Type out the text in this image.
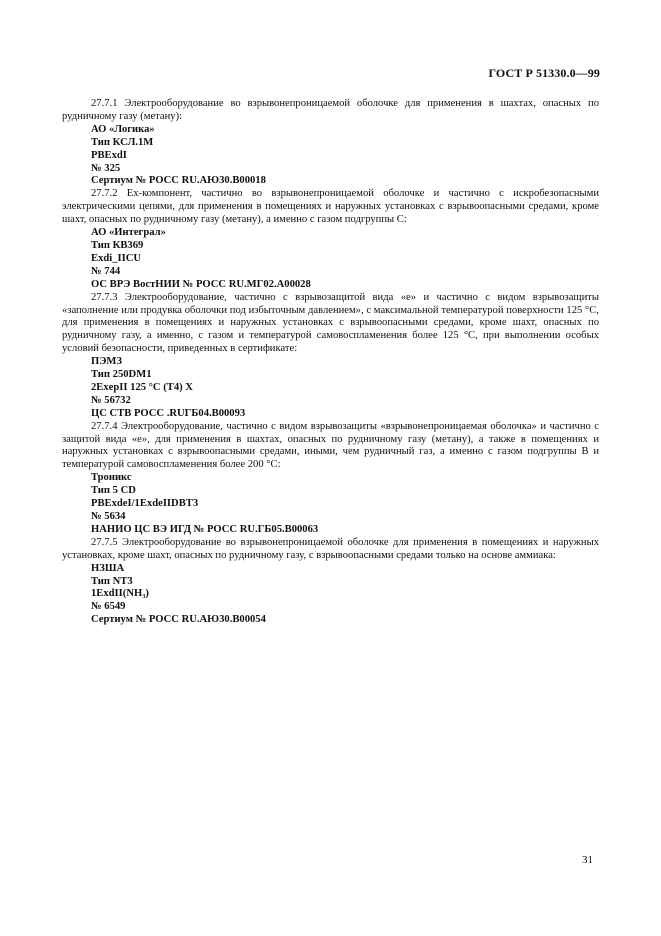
ГОСТ Р 51330.0—99

27.7.1 Электрооборудование во взрывонепроницаемой оболочке для применения в шахтах, опасных по рудничному газу (метану):

АО «Логика»
Тип КСЛ.1М
PBExdI
№ 325
Сертиум № РОСС RU.AЮ30.B00018

27.7.2 Ex-компонент, частично во взрывонепроницаемой оболочке и частично с искробезопасными электрическими цепями, для применения в помещениях и наружных установках с взрывоопасными средами, кроме шахт, опасных по рудничному газу (метану), а именно с газом подгруппы С:

АО «Интеграл»
Тип КВ369
Exdi_IICU
№ 744
ОС ВРЭ ВостНИИ № РОСС RU.МГ02.A00028

27.7.3 Электрооборудование, частично с взрывозащитой вида «e» и частично с видом взрывозащиты «заполнение или продувка оболочки под избыточным давлением», с максимальной температурой поверхности 125 °С, для применения в помещениях и наружных установках с взрывоопасными средами, кроме шахт, опасных по рудничному газу, а именно, с газом и температурой самовоспламенения более 125 °С, при выполнении особых условий безопасности, приведенных в сертификате:

ПЭМЗ
Тип 250DM1
2ExepII 125 °С (Т4) Х
№ 56732
ЦС СТВ РОСС .RUГБ04.B00093

27.7.4 Электрооборудование, частично с видом взрывозащиты «взрывонепроницаемая оболочка» и частично с защитой вида «e», для применения в шахтах, опасных по рудничному газу (метану), а также в помещениях и наружных установках с взрывоопасными средами, иными, чем рудничный газ, а именно с газом подгруппы В и температурой самовоспламенения более 200 °С:

Троникс
Тип 5 CD
PBExdeI/1ExdeIIDBT3
№ 5634
НАНИО ЦС ВЭ ИГД № РОСС RU.ГБ05.B00063

27.7.5 Электрооборудование во взрывонепроницаемой оболочке для применения в помещениях и наружных установках, кроме шахт, опасных по рудничному газу, с взрывоопасными средами только на основе аммиака:

НЗША
Тип NT3
1ExdII(NH₃)
№ 6549
Сертиум № РОСС RU.AЮ30.B00054
31
